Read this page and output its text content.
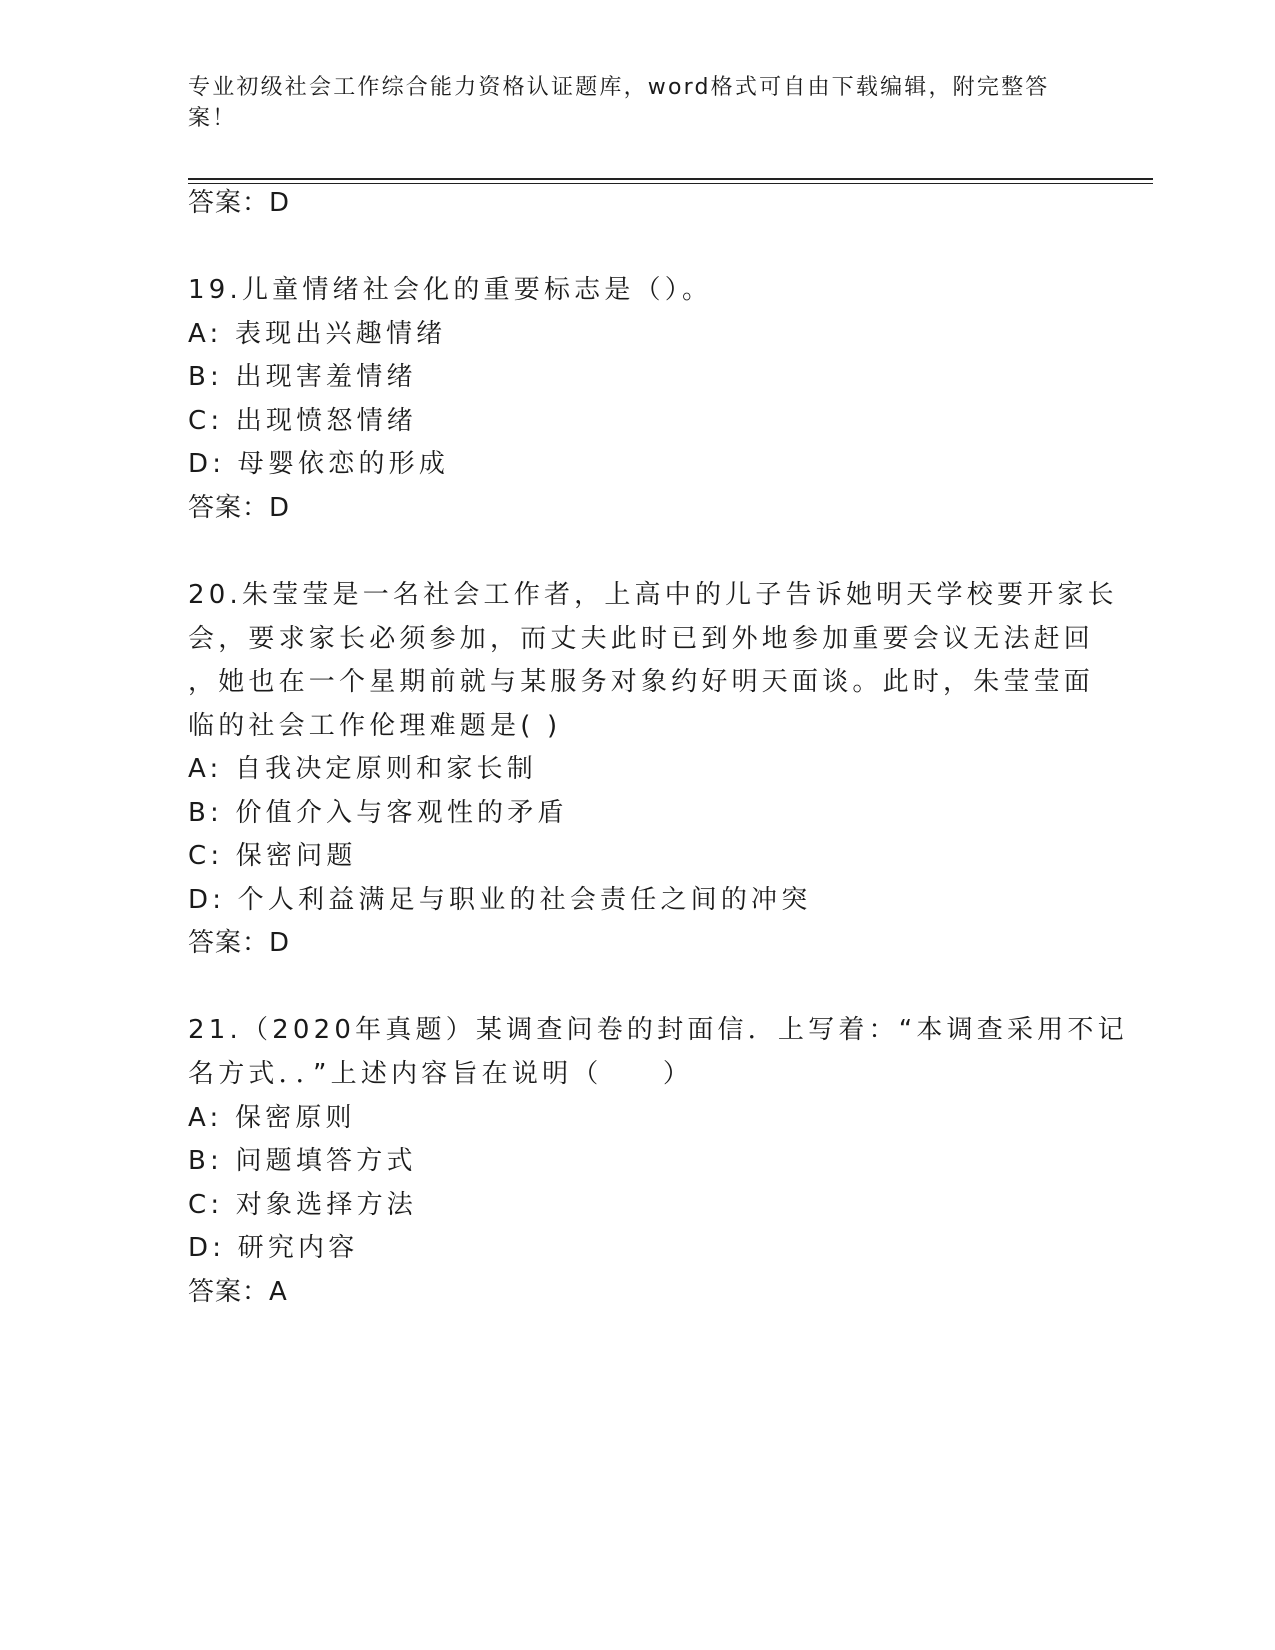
专业初级社会工作综合能力资格认证题库，word格式可自由下载编辑，附完整答
案！
答案：D
19.儿童情绪社会化的重要标志是（）。
A: 表现出兴趣情绪
B: 出现害羞情绪
C: 出现愤怒情绪
D: 母婴依恋的形成
答案：D
20.朱莹莹是一名社会工作者，上高中的儿子告诉她明天学校要开家长
会，要求家长必须参加，而丈夫此时已到外地参加重要会议无法赶回
，她也在一个星期前就与某服务对象约好明天面谈。此时，朱莹莹面
临的社会工作伦理难题是( )
A: 自我决定原则和家长制
B: 价值介入与客观性的矛盾
C: 保密问题
D: 个人利益满足与职业的社会责任之间的冲突
答案：D
21.（2020年真题）某调查问卷的封面信．上写着：“本调查采用不记
名方式．．”上述内容旨在说明（　　）
A: 保密原则
B: 问题填答方式
C: 对象选择方法
D: 研究内容
答案：A
